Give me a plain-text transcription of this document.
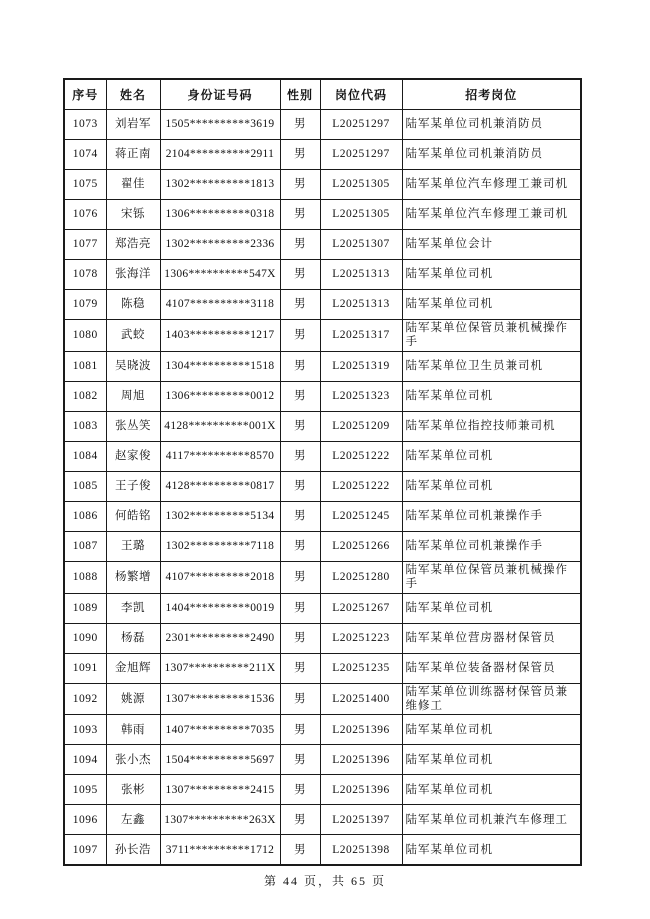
序号	姓名	身份证号码	性别	岗位代码	招考岗位
1073	刘岩军	1505**********3619	男	L20251297	陆军某单位司机兼消防员
1074	蒋正南	2104**********2911	男	L20251297	陆军某单位司机兼消防员
1075	翟佳	1302**********1813	男	L20251305	陆军某单位汽车修理工兼司机
1076	宋铄	1306**********0318	男	L20251305	陆军某单位汽车修理工兼司机
1077	郑浩亮	1302**********2336	男	L20251307	陆军某单位会计
1078	张海洋	1306**********547X	男	L20251313	陆军某单位司机
1079	陈稳	4107**********3118	男	L20251313	陆军某单位司机
1080	武蛟	1403**********1217	男	L20251317	陆军某单位保管员兼机械操作手
1081	吴晓波	1304**********1518	男	L20251319	陆军某单位卫生员兼司机
1082	周旭	1306**********0012	男	L20251323	陆军某单位司机
1083	张丛笑	4128**********001X	男	L20251209	陆军某单位指控技师兼司机
1084	赵家俊	4117**********8570	男	L20251222	陆军某单位司机
1085	王子俊	4128**********0817	男	L20251222	陆军某单位司机
1086	何皓铭	1302**********5134	男	L20251245	陆军某单位司机兼操作手
1087	王璐	1302**********7118	男	L20251266	陆军某单位司机兼操作手
1088	杨繁增	4107**********2018	男	L20251280	陆军某单位保管员兼机械操作手
1089	李凯	1404**********0019	男	L20251267	陆军某单位司机
1090	杨磊	2301**********2490	男	L20251223	陆军某单位营房器材保管员
1091	金旭辉	1307**********211X	男	L20251235	陆军某单位装备器材保管员
1092	姚源	1307**********1536	男	L20251400	陆军某单位训练器材保管员兼维修工
1093	韩雨	1407**********7035	男	L20251396	陆军某单位司机
1094	张小杰	1504**********5697	男	L20251396	陆军某单位司机
1095	张彬	1307**********2415	男	L20251396	陆军某单位司机
1096	左鑫	1307**********263X	男	L20251397	陆军某单位司机兼汽车修理工
1097	孙长浩	3711**********1712	男	L20251398	陆军某单位司机
第 44 页，共 65 页
